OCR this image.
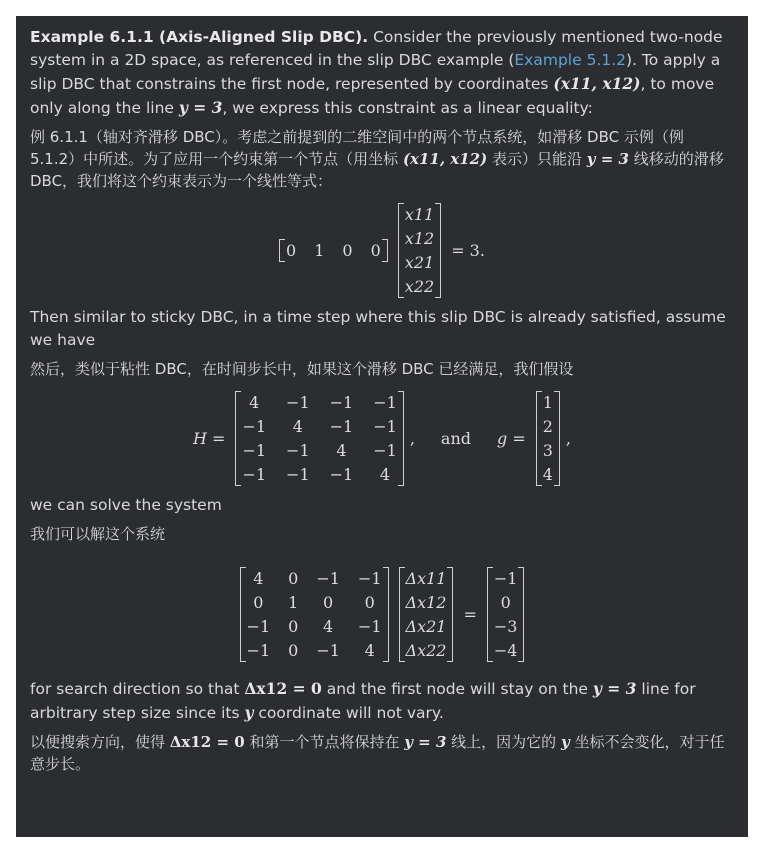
Example 6.1.1 (Axis-Aligned Slip DBC). Consider the previously mentioned two-node system in a 2D space, as referenced in the slip DBC example (Example 5.1.2). To apply a slip DBC that constrains the first node, represented by coordinates (x11, x12), to move only along the line y = 3, we express this constraint as a linear equality:

例 6.1.1（轴对齐滑移 DBC）。考虑之前提到的二维空间中的两个节点系统，如滑移 DBC 示例（例 5.1.2）中所述。为了应用一个约束第一个节点（用坐标 (x11, x12) 表示）只能沿 y = 3 线移动的滑移 DBC，我们将这个约束表示为一个线性等式：

0 1 0 0
x11
x12
x21
x22
= 3.

Then similar to sticky DBC, in a time step where this slip DBC is already satisfied, assume we have

然后，类似于粘性 DBC，在时间步长中，如果这个滑移 DBC 已经满足，我们假设

H =
4	−1 −1 −1
−1	4	−1 −1
−1 −1	4	−1
−1 −1 −1	4
, and g =
1
2
3
4
,

we can solve the system

我们可以解这个系统

4	0 −1 −1
0	1	0	0
−1 0	4	−1
−1 0 −1	4
Δx11
Δx12
Δx21
Δx22
=
−1
0
−3
−4

for search direction so that Δx12 = 0 and the first node will stay on the y = 3 line for arbitrary step size since its y coordinate will not vary.

以便搜索方向，使得 Δx12 = 0 和第一个节点将保持在 y = 3 线上，因为它的 y 坐标不会变化，对于任意步长。
